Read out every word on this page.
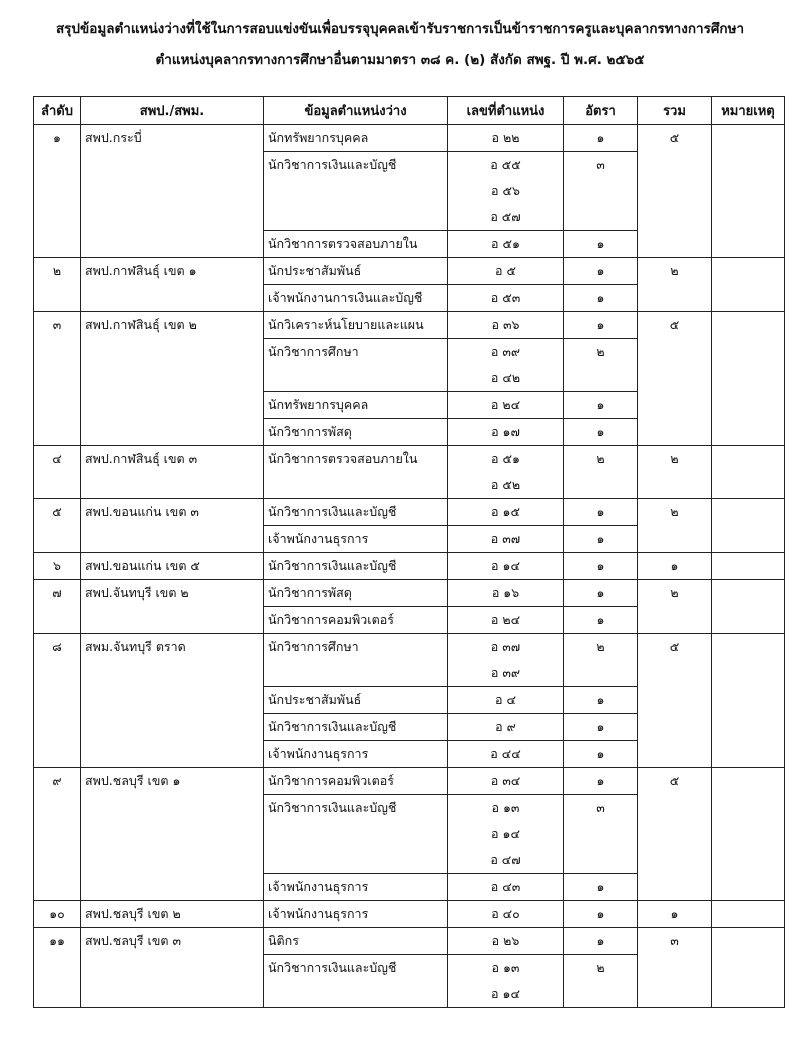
สรุปข้อมูลตำแหน่งว่างที่ใช้ในการสอบแข่งขันเพื่อบรรจุบุคคลเข้ารับราชการเป็นข้าราชการครูและบุคลากรทางการศึกษา
ตำแหน่งบุคลากรทางการศึกษาอื่นตามมาตรา ๓๘ ค. (๒) สังกัด สพฐ. ปี พ.ศ. ๒๕๖๕
ลำดับ	สพป./สพม.	ข้อมูลตำแหน่งว่าง	เลขที่ตำแหน่ง	อัตรา	รวม	หมายเหตุ

๑	สพป.กระบี่	นักทรัพยากรบุคคล	อ ๒๒	๑	๕	

		นักวิชาการเงินและบัญชี	อ ๕๕	๓		

			อ ๕๖			

			อ ๕๗			

		นักวิชาการตรวจสอบภายใน	อ ๕๑	๑		

๒	สพป.กาฬสินธุ์ เขต ๑	นักประชาสัมพันธ์	อ ๕	๑	๒	

		เจ้าพนักงานการเงินและบัญชี	อ ๕๓	๑		

๓	สพป.กาฬสินธุ์ เขต ๒	นักวิเคราะห์นโยบายและแผน	อ ๓๖	๑	๕	

		นักวิชาการศึกษา	อ ๓๙	๒		

			อ ๔๒			

		นักทรัพยากรบุคคล	อ ๒๔	๑		

		นักวิชาการพัสดุ	อ ๑๗	๑		

๔	สพป.กาฬสินธุ์ เขต ๓	นักวิชาการตรวจสอบภายใน	อ ๕๑	๒	๒	

			อ ๕๒			

๕	สพป.ขอนแก่น เขต ๓	นักวิชาการเงินและบัญชี	อ ๑๕	๑	๒	

		เจ้าพนักงานธุรการ	อ ๓๗	๑		

๖	สพป.ขอนแก่น เขต ๕	นักวิชาการเงินและบัญชี	อ ๑๔	๑	๑	

๗	สพป.จันทบุรี เขต ๒	นักวิชาการพัสดุ	อ ๑๖	๑	๒	

		นักวิชาการคอมพิวเตอร์	อ ๒๔	๑		

๘	สพม.จันทบุรี ตราด	นักวิชาการศึกษา	อ ๓๗	๒	๕	

			อ ๓๙			

		นักประชาสัมพันธ์	อ ๔	๑		

		นักวิชาการเงินและบัญชี	อ ๙	๑		

		เจ้าพนักงานธุรการ	อ ๔๔	๑		

๙	สพป.ชลบุรี เขต ๑	นักวิชาการคอมพิวเตอร์	อ ๓๔	๑	๕	

		นักวิชาการเงินและบัญชี	อ ๑๓	๓		

			อ ๑๔			

			อ ๔๗			

		เจ้าพนักงานธุรการ	อ ๔๓	๑		

๑๐	สพป.ชลบุรี เขต ๒	เจ้าพนักงานธุรการ	อ ๔๐	๑	๑	

๑๑	สพป.ชลบุรี เขต ๓	นิติกร	อ ๒๖	๑	๓	

		นักวิชาการเงินและบัญชี	อ ๑๓	๒		

			อ ๑๔			
